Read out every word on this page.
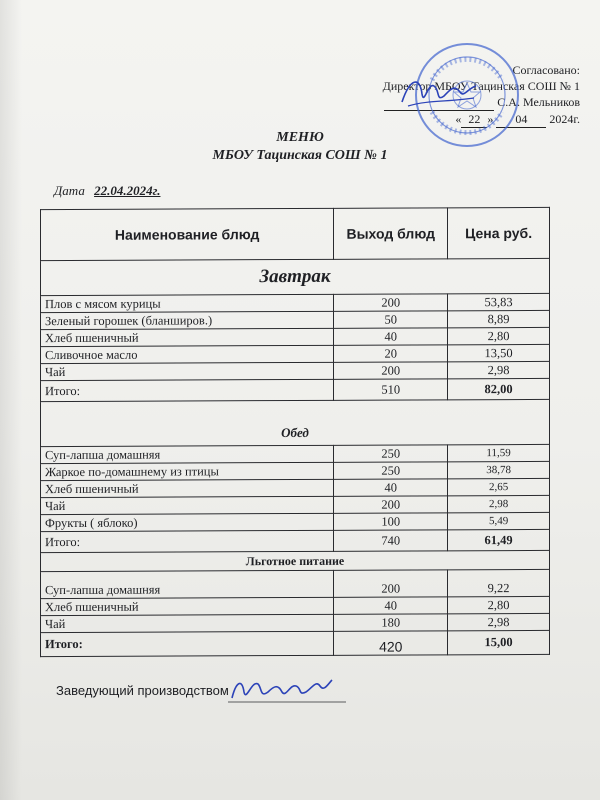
Согласовано:
Директор МБОУ Тацинская СОШ № 1
С.А. Мельников
« 22 » 04 2024г.
МЕНЮ
МБОУ Тацинская СОШ № 1
Дата 22.04.2024г.
Наименование блюд	Выход блюд	Цена руб.
Завтрак		
Плов с мясом курицы	200	53,83
Зеленый горошек (бланширов.)	50	8,89
Хлеб пшеничный	40	2,80
Сливочное масло	20	13,50
Чай	200	2,98
Итого:	510	82,00
Обед		
Суп-лапша домашняя	250	11,59
Жаркое по-домашнему из птицы	250	38,78
Хлеб пшеничный	40	2,65
Чай	200	2,98
Фрукты ( яблоко)	100	5,49
Итого:	740	61,49
Льготное питание		
Суп-лапша домашняя	200	9,22
Хлеб пшеничный	40	2,80
Чай	180	2,98
Итого:	420	15,00
Заведующий производством
